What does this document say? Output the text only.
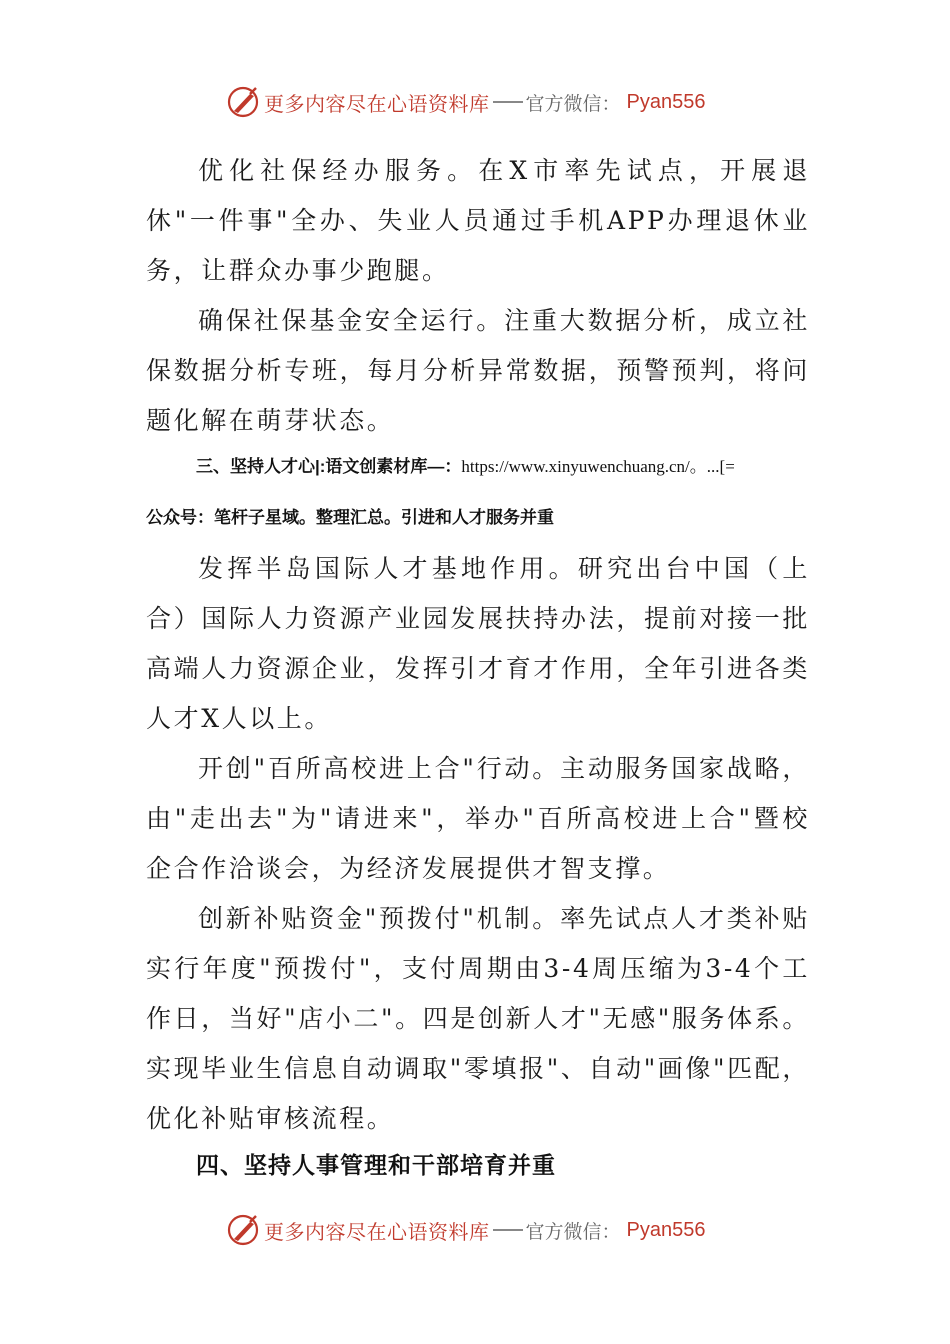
更多内容尽在心语资料库 官方微信： Pyan556

优化社保经办服务。在X市率先试点，开展退休"一件事"全办、失业人员通过手机APP办理退休业务，让群众办事少跑腿。

确保社保基金安全运行。注重大数据分析，成立社保数据分析专班，每月分析异常数据，预警预判，将问题化解在萌芽状态。

三、坚持人才心|:语文创素材库—：https://www.xinyuwenchuang.cn/。...[=

公众号：笔杆子星域。整理汇总。引进和人才服务并重

发挥半岛国际人才基地作用。研究出台中国（上合）国际人力资源产业园发展扶持办法，提前对接一批高端人力资源企业，发挥引才育才作用，全年引进各类人才X人以上。

开创"百所高校进上合"行动。主动服务国家战略，由"走出去"为"请进来"，举办"百所高校进上合"暨校企合作洽谈会，为经济发展提供才智支撑。

创新补贴资金"预拨付"机制。率先试点人才类补贴实行年度"预拨付"，支付周期由3-4周压缩为3-4个工作日，当好"店小二"。四是创新人才"无感"服务体系。实现毕业生信息自动调取"零填报"、自动"画像"匹配，优化补贴审核流程。

四、坚持人事管理和干部培育并重
更多内容尽在心语资料库 官方微信： Pyan556
